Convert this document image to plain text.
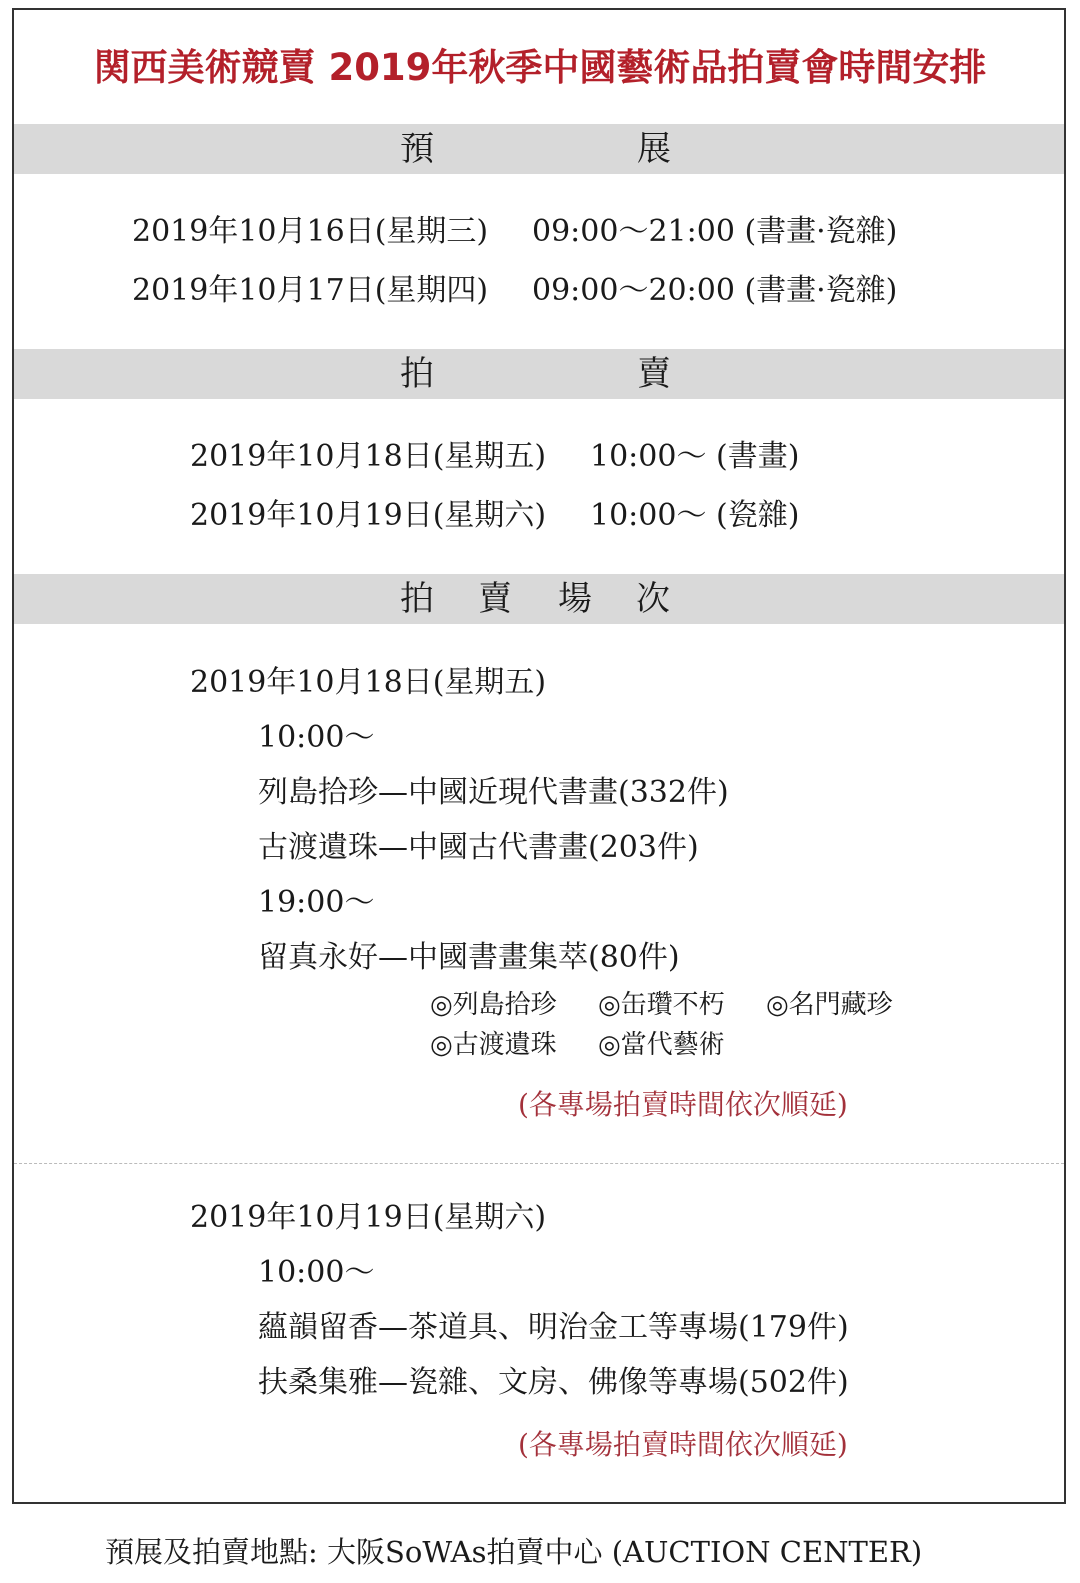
関西美術競賣 2019年秋季中國藝術品拍賣會時間安排
預	展
2019年10月16日(星期三) 09:00～21:00 (書畫·瓷雜)
2019年10月17日(星期四) 09:00～20:00 (書畫·瓷雜)
拍	賣
2019年10月18日(星期五) 10:00～ (書畫)
2019年10月19日(星期六) 10:00～ (瓷雜)
拍 賣 場 次
2019年10月18日(星期五)
10:00～
列島拾珍—中國近現代書畫(332件)
古渡遺珠—中國古代書畫(203件)
19:00～
留真永好—中國書畫集萃(80件)
◎列島拾珍 ◎缶瓚不朽 ◎名門藏珍
◎古渡遺珠 ◎當代藝術
(各專場拍賣時間依次順延)
2019年10月19日(星期六)
10:00～
蘊韻留香—茶道具、明治金工等專場(179件)
扶桑集雅—瓷雜、文房、佛像等專場(502件)
(各專場拍賣時間依次順延)
預展及拍賣地點: 大阪SoWAs拍賣中心 (AUCTION CENTER)
